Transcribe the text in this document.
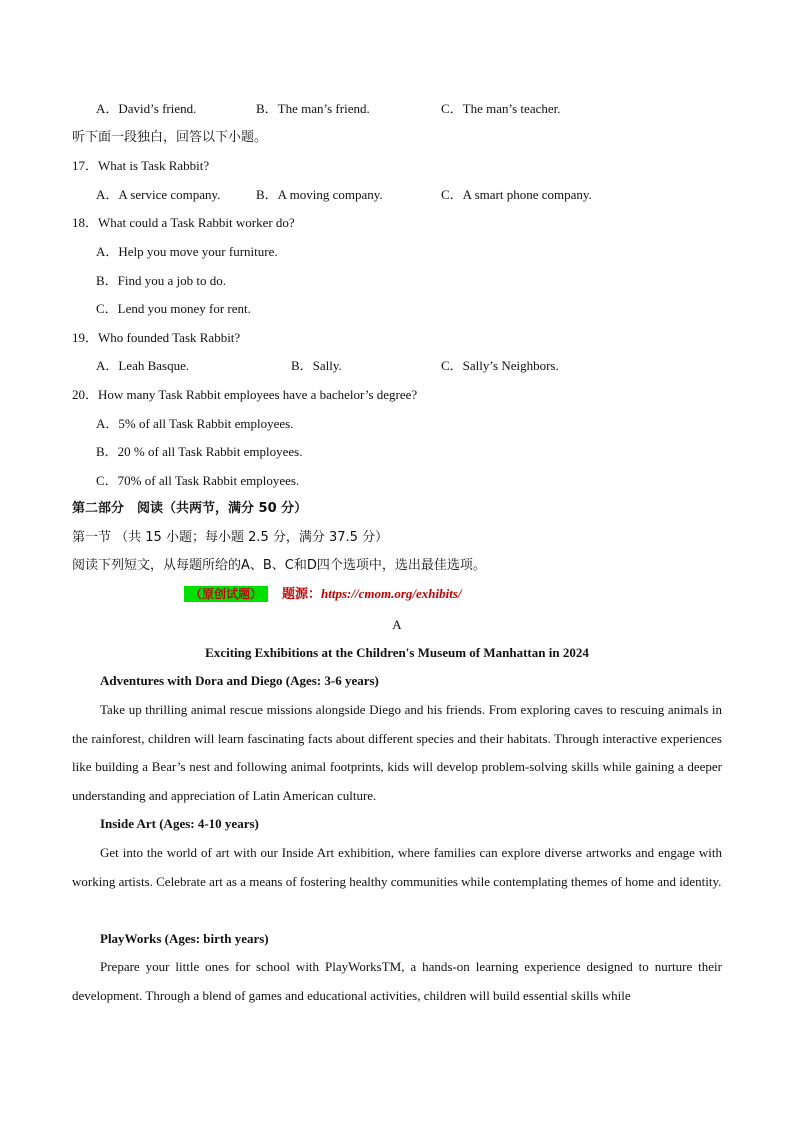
A．David’s friend.	B．The man’s friend.	C．The man’s teacher.
听下面一段独白，回答以下小题。
17．What is Task Rabbit?
A．A service company.	B．A moving company.	C．A smart phone company.
18．What could a Task Rabbit worker do?
A．Help you move your furniture.
B．Find you a job to do.
C．Lend you money for rent.
19．Who founded Task Rabbit?
A．Leah Basque.	B．Sally.	C．Sally’s Neighbors.
20．How many Task Rabbit employees have a bachelor’s degree?
A．5% of all Task Rabbit employees.
B．20 % of all Task Rabbit employees.
C．70% of all Task Rabbit employees.
第二部分　阅读（共两节，满分 50 分）
第一节 （共 15 小题；每小题 2.5 分，满分 37.5 分）
阅读下列短文，从每题所给的A、B、C和D四个选项中，选出最佳选项。
（原创试题） 题源：https://cmom.org/exhibits/
A
Exciting Exhibitions at the Children's Museum of Manhattan in 2024
Adventures with Dora and Diego (Ages: 3-6 years)
Take up thrilling animal rescue missions alongside Diego and his friends. From exploring caves to rescuing animals in the rainforest, children will learn fascinating facts about different species and their habitats. Through interactive experiences like building a Bear’s nest and following animal footprints, kids will develop problem-solving skills while gaining a deeper understanding and appreciation of Latin American culture.
Inside Art (Ages: 4-10 years)
Get into the world of art with our Inside Art exhibition, where families can explore diverse artworks and engage with working artists. Celebrate art as a means of fostering healthy communities while contemplating themes of home and identity.
PlayWorks (Ages: birth years)
Prepare your little ones for school with PlayWorksTM, a hands-on learning experience designed to nurture their development. Through a blend of games and educational activities, children will build essential skills while
